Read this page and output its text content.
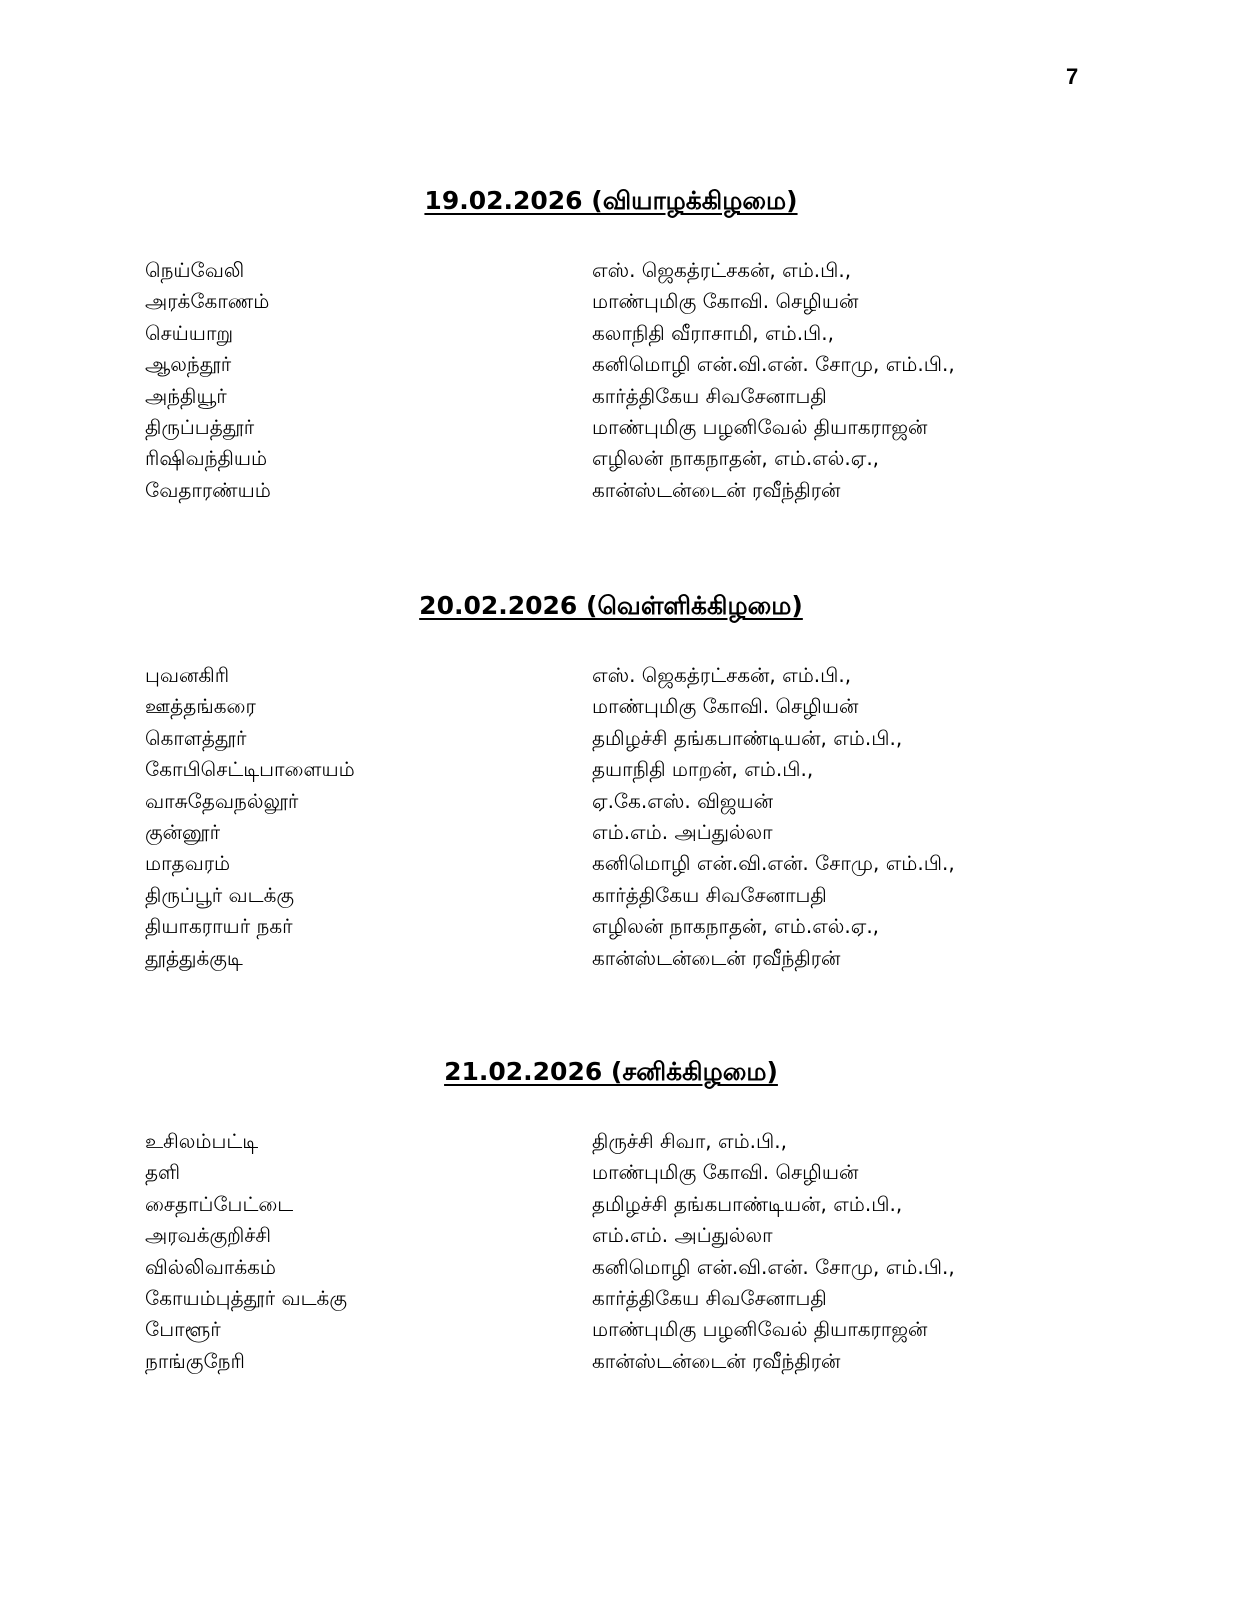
7
19.02.2026 (வியாழக்கிழமை)
நெய்வேலி	எஸ். ஜெகத்ரட்சகன், எம்.பி.,
அரக்கோணம்	மாண்புமிகு கோவி. செழியன்
செய்யாறு	கலாநிதி வீராசாமி, எம்.பி.,
ஆலந்தூர்	கனிமொழி என்.வி.என். சோமு, எம்.பி.,
அந்தியூர்	கார்த்திகேய சிவசேனாபதி
திருப்பத்தூர்	மாண்புமிகு பழனிவேல் தியாகராஜன்
ரிஷிவந்தியம்	எழிலன் நாகநாதன், எம்.எல்.ஏ.,
வேதாரண்யம்	கான்ஸ்டன்டைன் ரவீந்திரன்
20.02.2026 (வெள்ளிக்கிழமை)
புவனகிரி	எஸ். ஜெகத்ரட்சகன், எம்.பி.,
ஊத்தங்கரை	மாண்புமிகு கோவி. செழியன்
கொளத்தூர்	தமிழச்சி தங்கபாண்டியன், எம்.பி.,
கோபிசெட்டிபாளையம்	தயாநிதி மாறன், எம்.பி.,
வாசுதேவநல்லூர்	ஏ.கே.எஸ். விஜயன்
குன்னூர்	எம்.எம். அப்துல்லா
மாதவரம்	கனிமொழி என்.வி.என். சோமு, எம்.பி.,
திருப்பூர் வடக்கு	கார்த்திகேய சிவசேனாபதி
தியாகராயர் நகர்	எழிலன் நாகநாதன், எம்.எல்.ஏ.,
தூத்துக்குடி	கான்ஸ்டன்டைன் ரவீந்திரன்
21.02.2026 (சனிக்கிழமை)
உசிலம்பட்டி	திருச்சி சிவா, எம்.பி.,
தளி	மாண்புமிகு கோவி. செழியன்
சைதாப்பேட்டை	தமிழச்சி தங்கபாண்டியன், எம்.பி.,
அரவக்குறிச்சி	எம்.எம். அப்துல்லா
வில்லிவாக்கம்	கனிமொழி என்.வி.என். சோமு, எம்.பி.,
கோயம்புத்தூர் வடக்கு	கார்த்திகேய சிவசேனாபதி
போளூர்	மாண்புமிகு பழனிவேல் தியாகராஜன்
நாங்குநேரி	கான்ஸ்டன்டைன் ரவீந்திரன்
